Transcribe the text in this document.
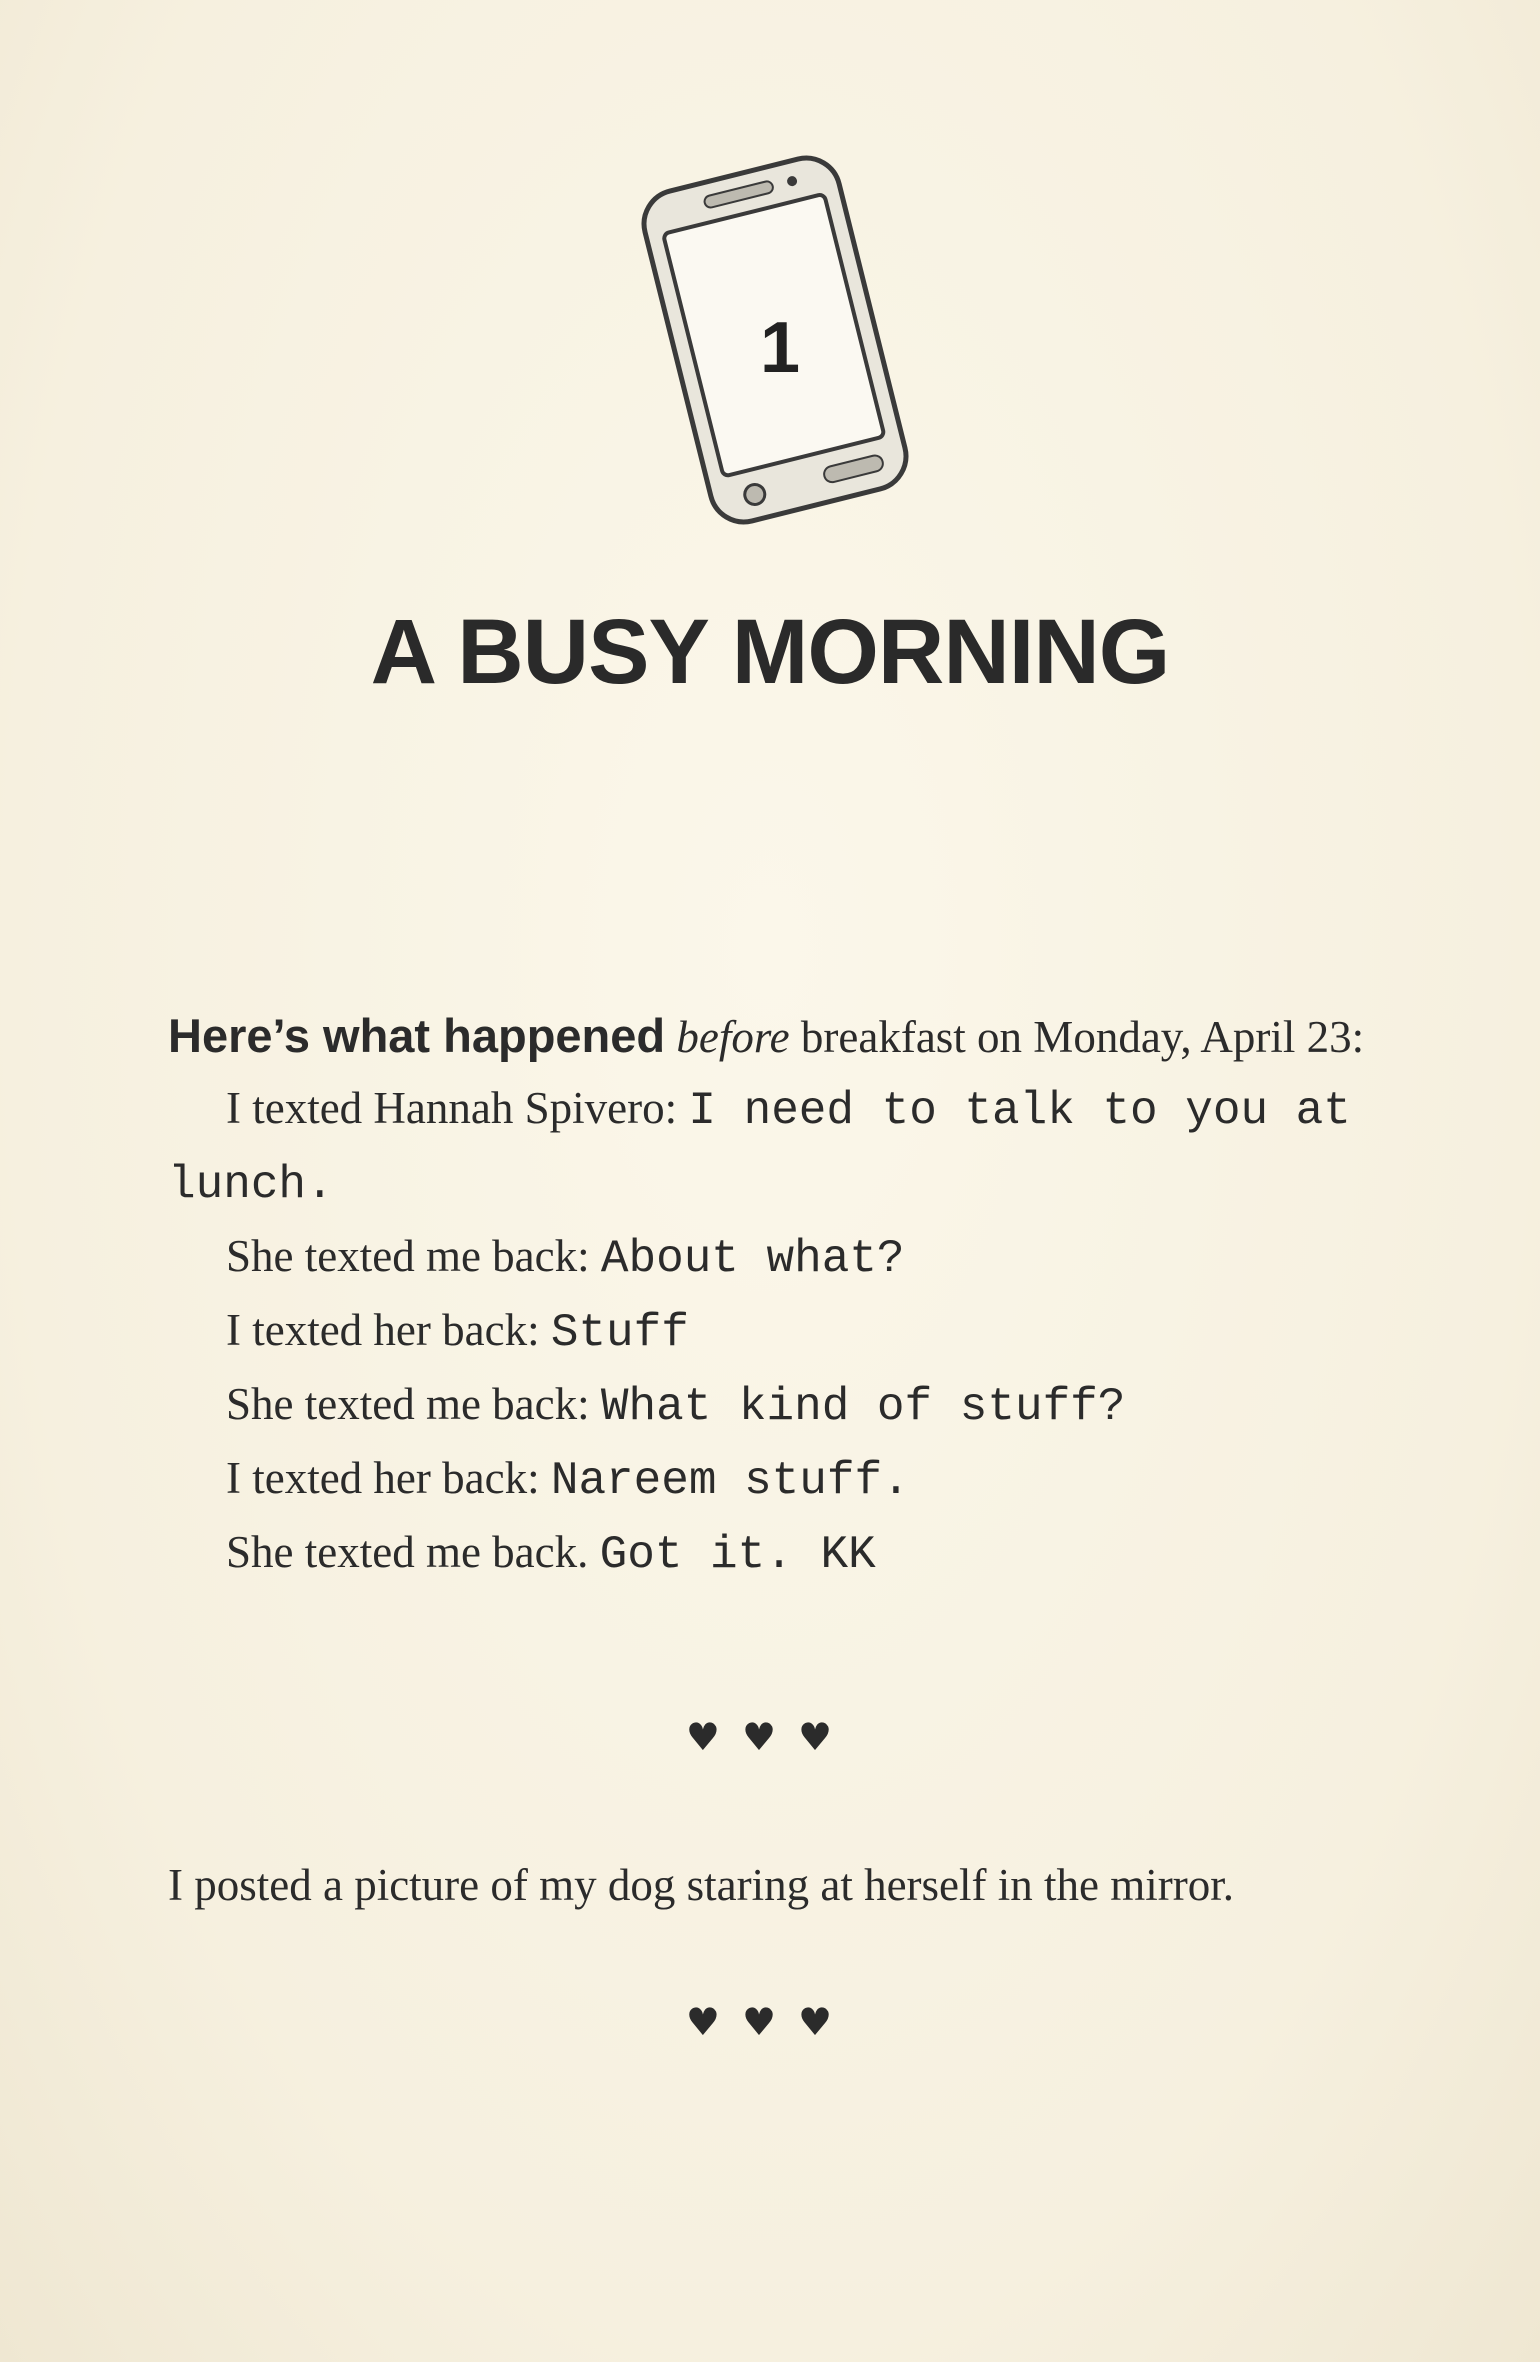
1
A BUSY MORNING

Here’s what happened before breakfast on Monday, April 23:

I texted Hannah Spivero: I need to talk to you at lunch.

She texted me back: About what?

I texted her back: Stuff

She texted me back: What kind of stuff?

I texted her back: Nareem stuff.

She texted me back. Got it. KK

♥♥♥

I posted a picture of my dog staring at herself in the mirror.

♥♥♥
